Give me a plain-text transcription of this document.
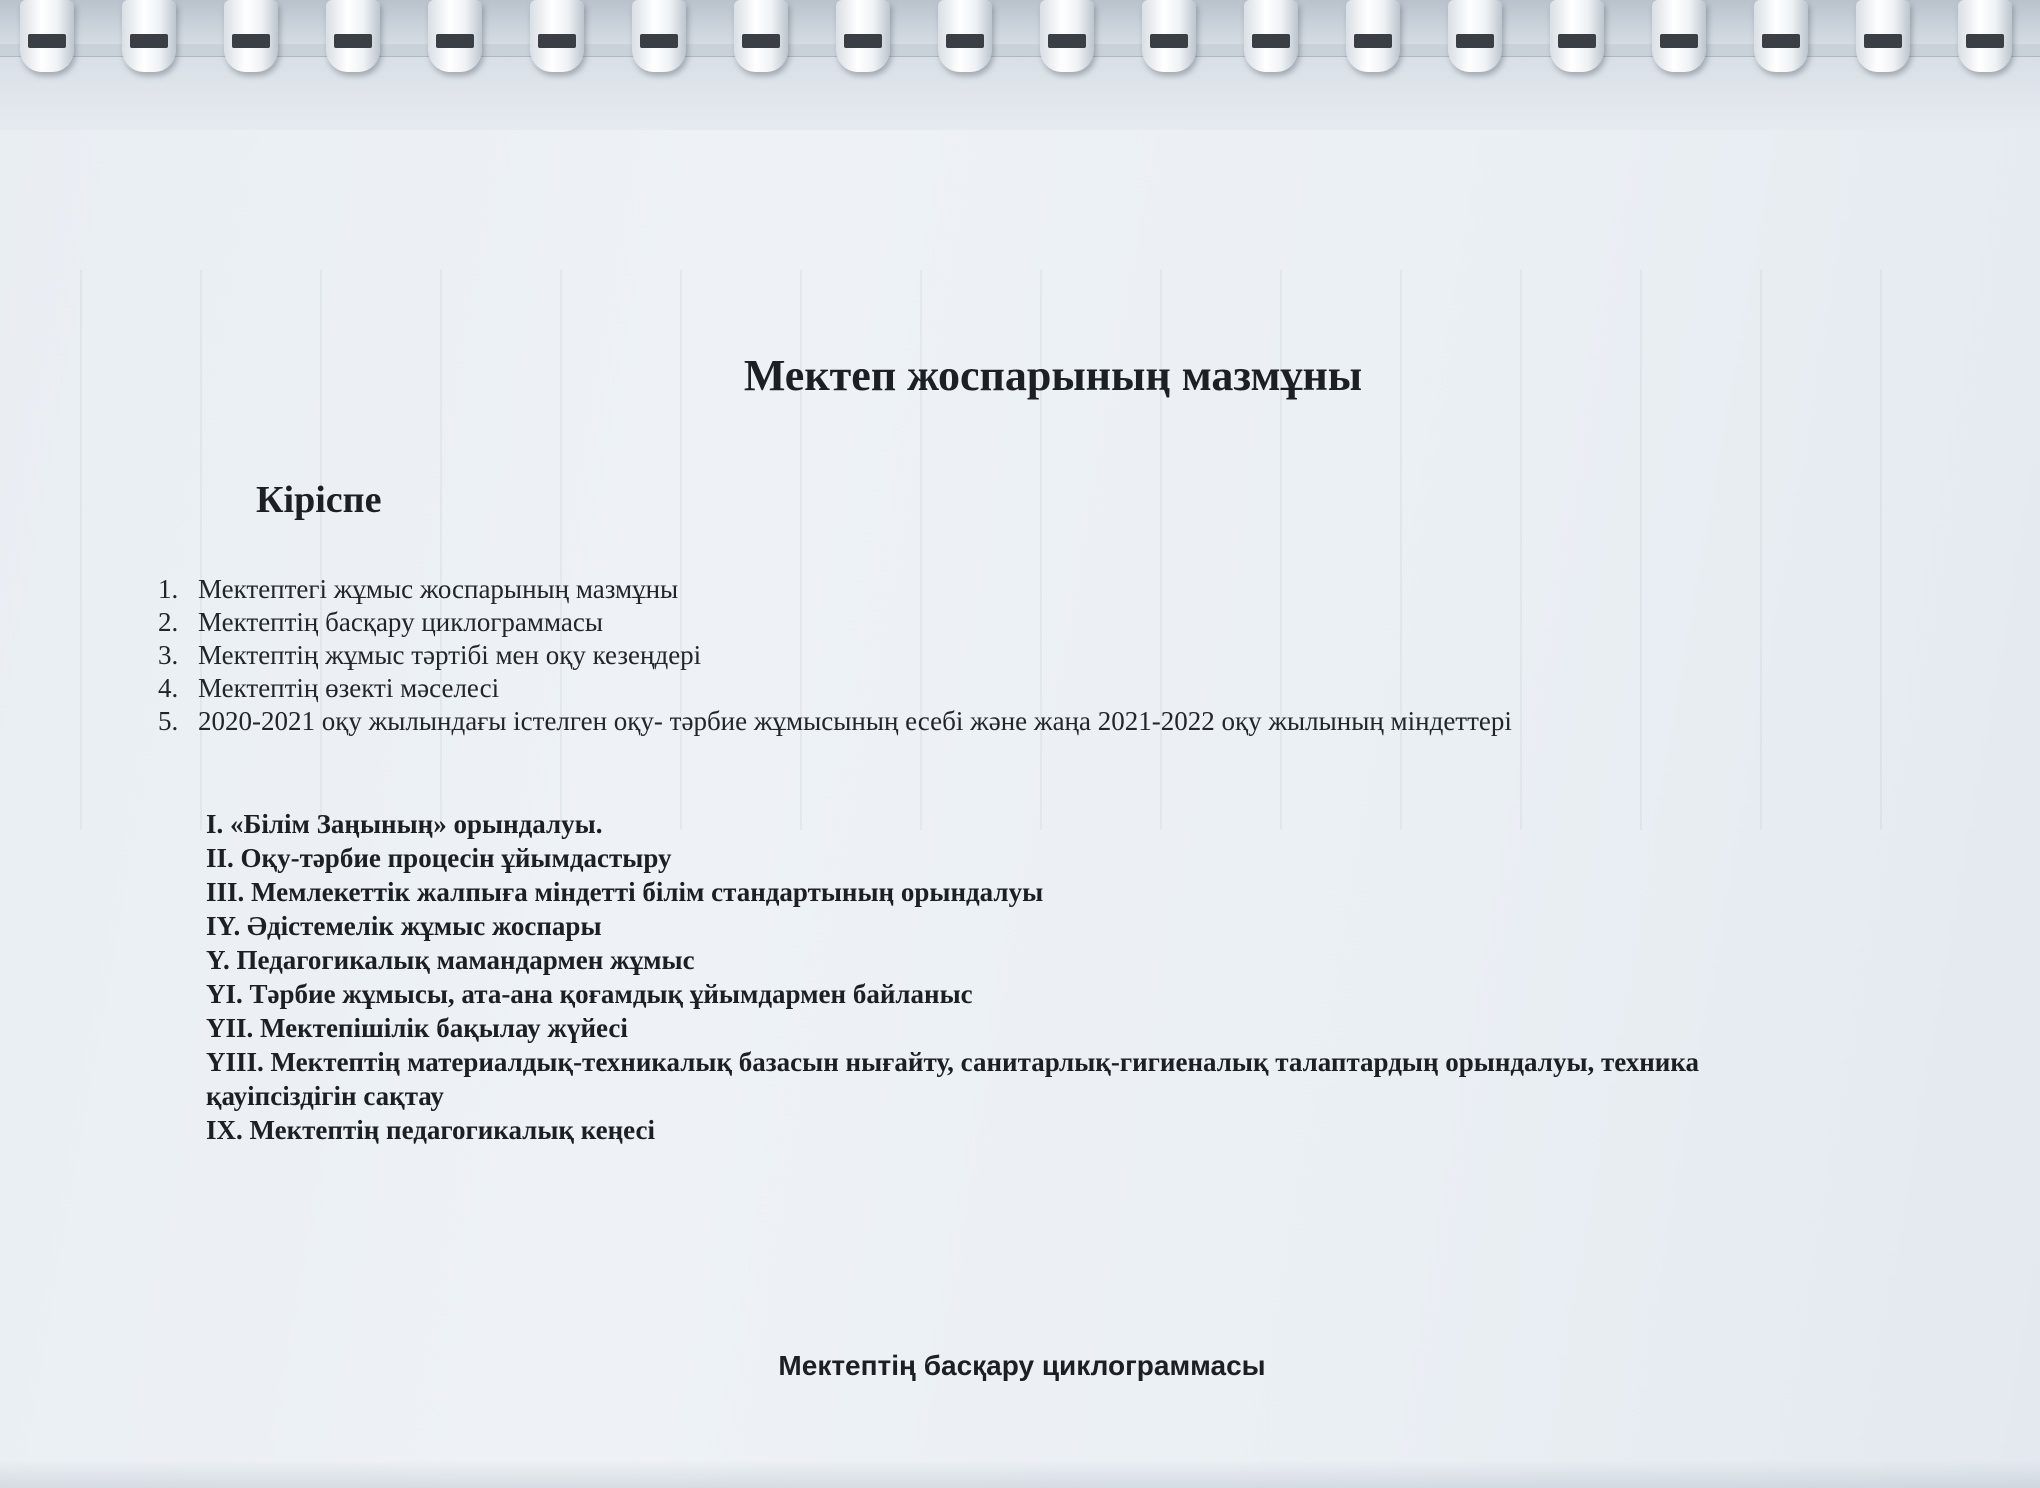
Мектеп жоспарының мазмұны
Кіріспе
1. Мектептегі жұмыс жоспарының мазмұны
2. Мектептің басқару циклограммасы
3. Мектептің жұмыс тәртібі мен оқу кезеңдері
4. Мектептің өзекті мәселесі
5. 2020-2021 оқу жылындағы істелген оқу- тәрбие жұмысының есебі және жаңа 2021-2022 оқу жылының міндеттері
I. «Білім Заңының» орындалуы.
II. Оқу-тәрбие процесін ұйымдастыру
III. Мемлекеттік жалпыға міндетті білім стандартының орындалуы
IY. Әдістемелік жұмыс жоспары
Y. Педагогикалық мамандармен жұмыс
YI. Тәрбие жұмысы, ата-ана қоғамдық ұйымдармен байланыс
YII. Мектепішілік бақылау жүйесі
YIII. Мектептің материалдық-техникалық базасын нығайту, санитарлық-гигиеналық талаптардың орындалуы, техника қауіпсіздігін сақтау
IX. Мектептің педагогикалық кеңесі
Мектептің басқару циклограммасы
